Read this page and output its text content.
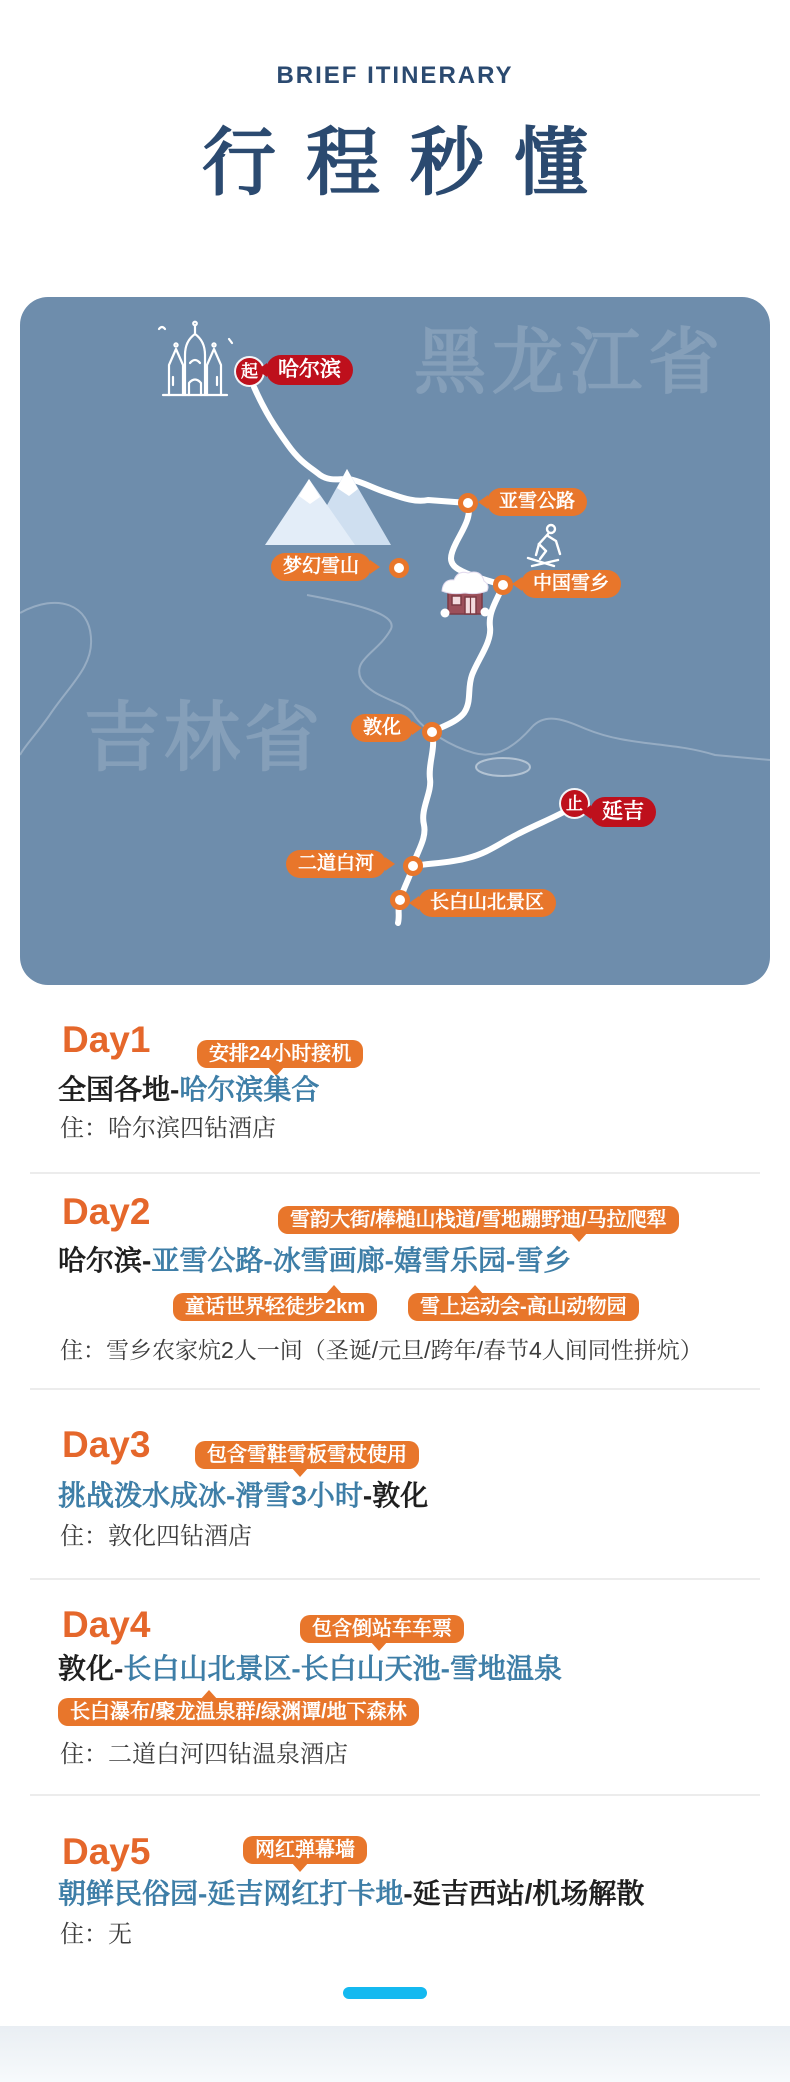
BRIEF ITINERARY
行程秒懂
黑龙江省
吉林省
起
止
哈尔滨
亚雪公路
梦幻雪山
中国雪乡
敦化
延吉
二道白河
长白山北景区
Day1	安排24小时接机
全国各地-哈尔滨集合
住：哈尔滨四钻酒店
Day2	雪韵大街/棒槌山栈道/雪地蹦野迪/马拉爬犁
哈尔滨-亚雪公路-冰雪画廊-嬉雪乐园-雪乡
童话世界轻徒步2km	雪上运动会-高山动物园
住：雪乡农家炕2人一间（圣诞/元旦/跨年/春节4人间同性拼炕）
Day3	包含雪鞋雪板雪杖使用
挑战泼水成冰-滑雪3小时-敦化
住：敦化四钻酒店
Day4	包含倒站车车票
敦化-长白山北景区-长白山天池-雪地温泉
长白瀑布/聚龙温泉群/绿渊谭/地下森林
住：二道白河四钻温泉酒店
Day5	网红弹幕墙
朝鲜民俗园-延吉网红打卡地-延吉西站/机场解散
住：无
